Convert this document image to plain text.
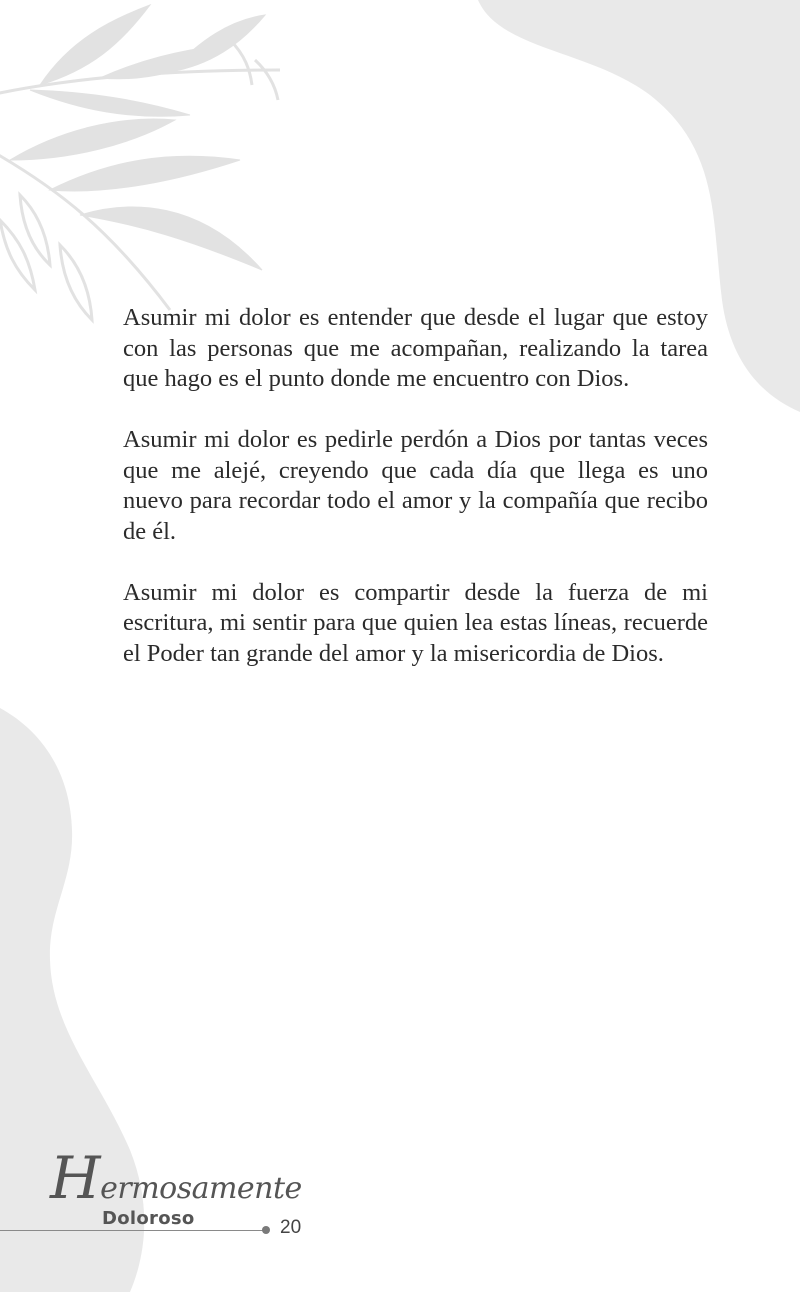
Asumir mi dolor es entender que desde el lugar que estoy con las personas que me acompañan, realizando la tarea que hago es el punto donde me encuentro con Dios.

Asumir mi dolor es pedirle perdón a Dios por tantas veces que me alejé, creyendo que cada día que llega es uno nuevo para recordar todo el amor y la compañía que recibo de él.

Asumir mi dolor es compartir desde la fuerza de mi escritura, mi sentir para que quien lea estas líneas, recuerde el Poder tan grande del amor y la misericordia de Dios.

Hermosamente
Doloroso	20
